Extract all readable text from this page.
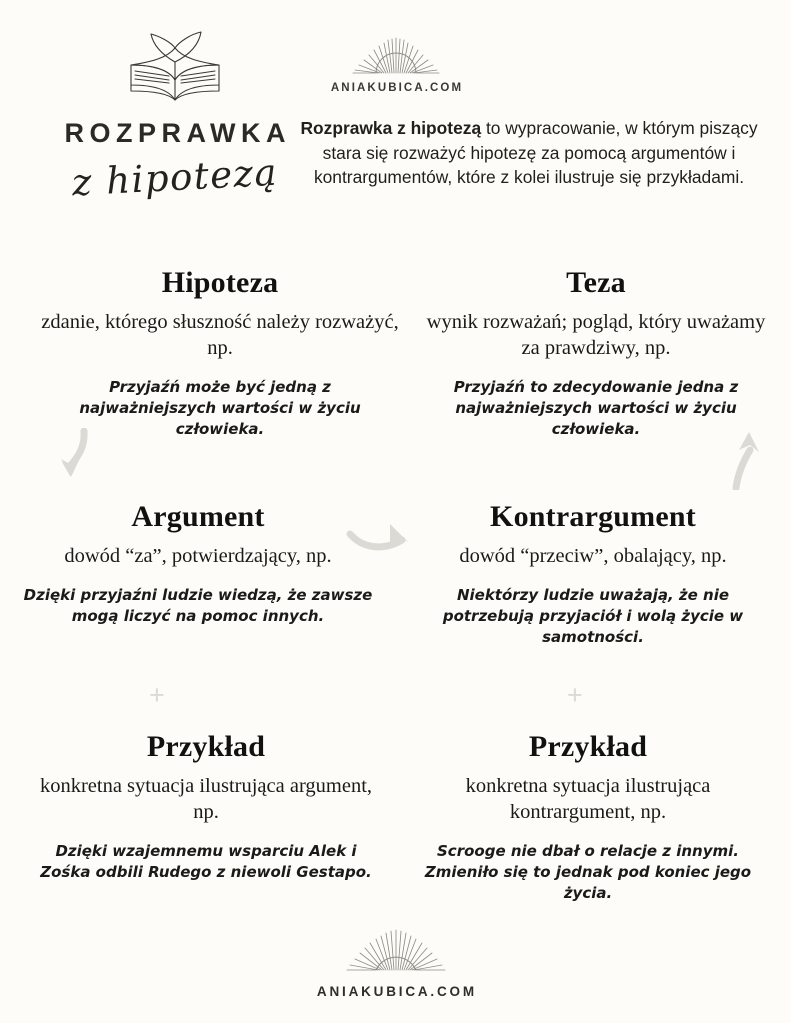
ROZPRAWKA
z hipotezą
ANIAKUBICA.COM

Rozprawka z hipotezą to wypracowanie, w którym piszący stara się rozważyć hipotezę za pomocą argumentów i kontrargumentów, które z kolei ilustruje się przykładami.

Hipoteza

zdanie, którego słuszność należy rozważyć, np.

Przyjaźń może być jedną z najważniejszych wartości w życiu człowieka.

Teza

wynik rozważań; pogląd, który uważamy za prawdziwy, np.

Przyjaźń to zdecydowanie jedna z najważniejszych wartości w życiu człowieka.

Argument

dowód “za”, potwierdzający, np.

Dzięki przyjaźni ludzie wiedzą, że zawsze mogą liczyć na pomoc innych.

Kontrargument

dowód “przeciw”, obalający, np.

Niektórzy ludzie uważają, że nie potrzebują przyjaciół i wolą życie w samotności.

Przykład

konkretna sytuacja ilustrująca argument, np.

Dzięki wzajemnemu wsparciu Alek i Zośka odbili Rudego z niewoli Gestapo.

Przykład

konkretna sytuacja ilustrująca kontrargument, np.

Scrooge nie dbał o relacje z innymi. Zmieniło się to jednak pod koniec jego życia.

+	+
ANIAKUBICA.COM
